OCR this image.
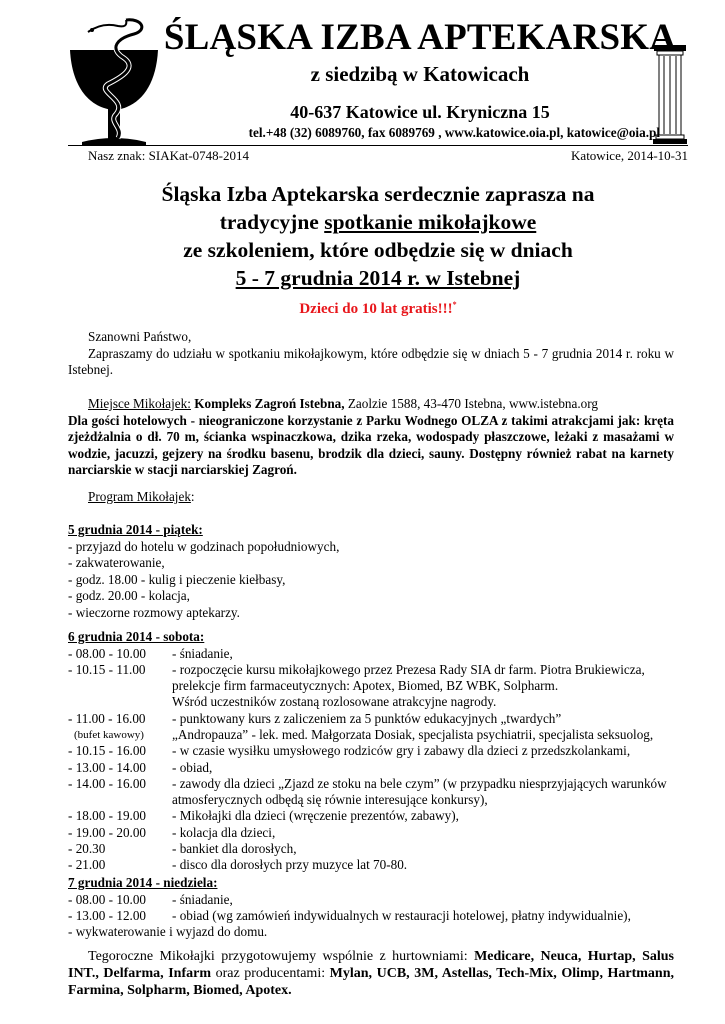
ŚLĄSKA IZBA APTEKARSKA
z siedzibą w Katowicach
40-637 Katowice ul. Kryniczna 15
tel.+48 (32) 6089760, fax 6089769 , www.katowice.oia.pl, katowice@oia.pl
Nasz znak: SIAKat-0748-2014	Katowice, 2014-10-31
Śląska Izba Aptekarska serdecznie zaprasza na
tradycyjne spotkanie mikołajkowe
ze szkoleniem, które odbędzie się w dniach
5 - 7 grudnia 2014 r. w Istebnej
Dzieci do 10 lat gratis!!!*
Szanowni Państwo,
Zapraszamy do udziału w spotkaniu mikołajkowym, które odbędzie się w dniach 5 - 7 grudnia 2014 r. roku w Istebnej.
Miejsce Mikołajek: Kompleks Zagroń Istebna, Zaolzie 1588, 43-470 Istebna, www.istebna.org
Dla gości hotelowych - nieograniczone korzystanie z Parku Wodnego OLZA z takimi atrakcjami jak: kręta zjeżdżalnia o dł. 70 m, ścianka wspinaczkowa, dzika rzeka, wodospady płaszczowe, leżaki z masażami w wodzie, jacuzzi, gejzery na środku basenu, brodzik dla dzieci, sauny. Dostępny również rabat na karnety narciarskie w stacji narciarskiej Zagroń.
Program Mikołajek:
5 grudnia 2014 - piątek:
- przyjazd do hotelu w godzinach popołudniowych,
- zakwaterowanie,
- godz. 18.00 - kulig i pieczenie kiełbasy,
- godz. 20.00 - kolacja,
- wieczorne rozmowy aptekarzy.
6 grudnia 2014 - sobota:
- 08.00 - 10.00 - śniadanie,
- 10.15 - 11.00 - rozpoczęcie kursu mikołajkowego przez Prezesa Rady SIA dr farm. Piotra Brukiewicza,
prelekcje firm farmaceutycznych: Apotex, Biomed, BZ WBK, Solpharm.
Wśród uczestników zostaną rozlosowane atrakcyjne nagrody.
- 11.00 - 16.00 - punktowany kurs z zaliczeniem za 5 punktów edukacyjnych „twardych”
(bufet kawowy) „Andropauza” - lek. med. Małgorzata Dosiak, specjalista psychiatrii, specjalista seksuolog,
- 10.15 - 16.00 - w czasie wysiłku umysłowego rodziców gry i zabawy dla dzieci z przedszkolankami,
- 13.00 - 14.00 - obiad,
- 14.00 - 16.00 - zawody dla dzieci „Zjazd ze stoku na bele czym” (w przypadku niesprzyjających warunków
atmosferycznych odbędą się równie interesujące konkursy),
- 18.00 - 19.00 - Mikołajki dla dzieci (wręczenie prezentów, zabawy),
- 19.00 - 20.00 - kolacja dla dzieci,
- 20.30	- bankiet dla dorosłych,
- 21.00	- disco dla dorosłych przy muzyce lat 70-80.
7 grudnia 2014 - niedziela:
- 08.00 - 10.00 - śniadanie,
- 13.00 - 12.00 - obiad (wg zamówień indywidualnych w restauracji hotelowej, płatny indywidualnie),
- wykwaterowanie i wyjazd do domu.
Tegoroczne Mikołajki przygotowujemy wspólnie z hurtowniami: Medicare, Neuca, Hurtap, Salus INT., Delfarma, Infarm oraz producentami: Mylan, UCB, 3M, Astellas, Tech-Mix, Olimp, Hartmann, Farmina, Solpharm, Biomed, Apotex.
